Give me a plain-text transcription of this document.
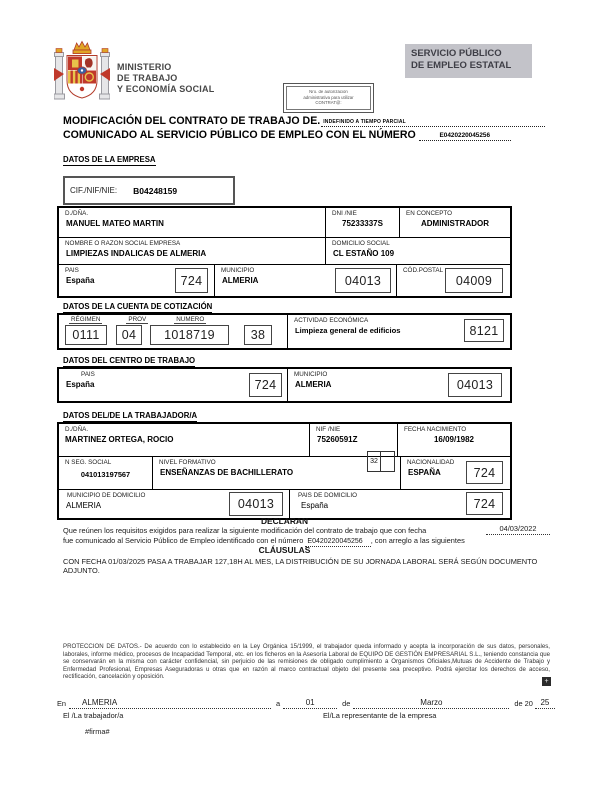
MINISTERIO
DE TRABAJO
Y ECONOMÍA SOCIAL
SERVICIO PÚBLICO
DE EMPLEO ESTATAL
Nro. de autorización administrativa para utilizar CONTRAT@:
MODIFICACIÓN DEL CONTRATO DE TRABAJO DE. INDEFINIDO A TIEMPO PARCIAL
COMUNICADO AL SERVICIO PÚBLICO DE EMPLEO CON EL NÚMERO	E0420220045256
DATOS DE LA EMPRESA
CIF./NIF/NIE: B04248159
D./DÑA.
MANUEL MATEO MARTIN
DNI /NIE
75233337S
EN CONCEPTO
ADMINISTRADOR
NOMBRE O RAZON SOCIAL EMPRESA
LIMPIEZAS INDALICAS DE ALMERIA
DOMICILIO SOCIAL
CL ESTAÑO 109
PAIS
España	724
MUNICIPIO
ALMERIA	04013
CÓD.POSTAL
04009
DATOS DE LA CUENTA DE COTIZACIÓN
RÉGIMEN	PROV	NUMERO
0111	04	1018719	38
ACTIVIDAD ECONÓMICA
Limpieza general de edificios	8121
DATOS DEL CENTRO DE TRABAJO
PAIS
España	724
MUNICIPIO
ALMERIA	04013
DATOS DEL/DE LA TRABAJADOR/A
D./DÑA.
MARTINEZ ORTEGA, ROCIO
NIF /NIE
75260591Z
FECHA NACIMIENTO
16/09/1982
N SEG. SOCIAL
041013197567
NIVEL FORMATIVO
ENSEÑANZAS DE BACHILLERATO
32	NACIONALIDAD
ESPAÑA	724
MUNICIPIO DE DOMICILIO
ALMERIA	04013
PAIS DE DOMICILIO
España	724
DECLARAN
Que reúnen los requisitos exigidos para realizar la siguiente modificación del contrato de trabajo que con fecha	04/03/2022
fue comunicado al Servicio Público de Empleo identificado con el número E0420220045256 , con arreglo a las siguientes
CLÁUSULAS
CON FECHA 01/03/2025 PASA A TRABAJAR 127,18H AL MES, LA DISTRIBUCIÓN DE SU JORNADA LABORAL SERÁ SEGÚN DOCUMENTO ADJUNTO.
PROTECCION DE DATOS.- De acuerdo con lo establecido en la Ley Orgánica 15/1999, el trabajador queda informado y acepta la incorporación de sus datos, personales, laborales, informe médico, procesos de Incapacidad Temporal, etc. en los ficheros en la Asesoría Laboral de EQUIPO DE GESTIÓN EMPRESARIAL S.L., teniendo constancia que se conservarán en la misma con carácter confidencial, sin perjuicio de las remisiones de obligado cumplimiento a Organismos Oficiales,Mutuas de Accidente de Trabajo y Enfermedad Profesional, Empresas Aseguradoras u otras que en razón al marco contractual objeto del presente sea preceptivo. Podrá ejercitar los derechos de acceso, rectificación, cancelación y oposición.
+
En ALMERIA	a	01	de	Marzo	de 20 25
El /La trabajador/a	El/La representante de la empresa
#firma#
